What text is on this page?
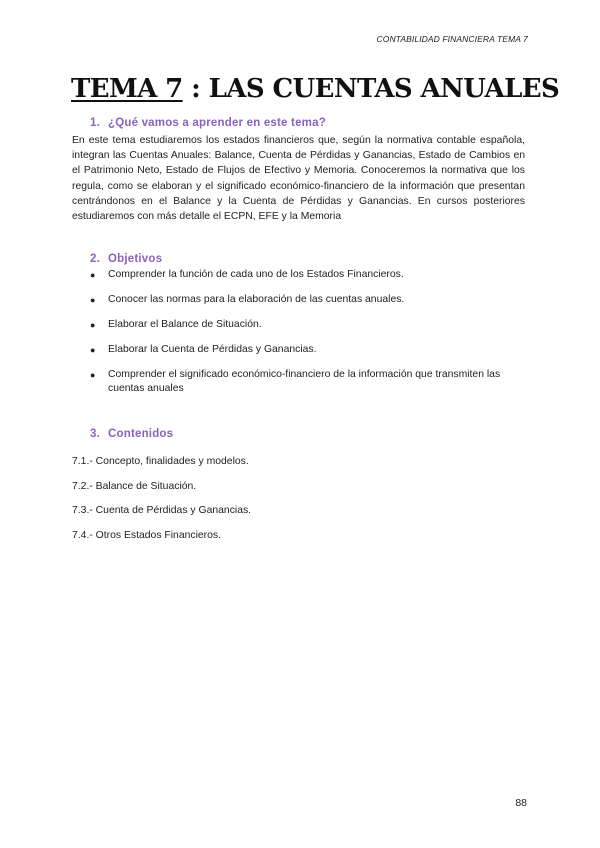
CONTABILIDAD FINANCIERA TEMA 7
TEMA 7 : LAS CUENTAS ANUALES
1. ¿Qué vamos a aprender en este tema?

En este tema estudiaremos los estados financieros que, según la normativa contable española, integran las Cuentas Anuales: Balance, Cuenta de Pérdidas y Ganancias, Estado de Cambios en el Patrimonio Neto, Estado de Flujos de Efectivo y Memoria. Conoceremos la normativa que los regula, como se elaboran y el significado económico-financiero de la información que presentan centrándonos en el Balance y la Cuenta de Pérdidas y Ganancias. En cursos posteriores estudiaremos con más detalle el ECPN, EFE y la Memoria

2. Objetivos
● Comprender la función de cada uno de los Estados Financieros.
● Conocer las normas para la elaboración de las cuentas anuales.
● Elaborar el Balance de Situación.
● Elaborar la Cuenta de Pérdidas y Ganancias.
● Comprender el significado económico-financiero de la información que transmiten las cuentas anuales
3. Contenidos
7.1.- Concepto, finalidades y modelos.
7.2.- Balance de Situación.
7.3.- Cuenta de Pérdidas y Ganancias.
7.4.- Otros Estados Financieros.
88
